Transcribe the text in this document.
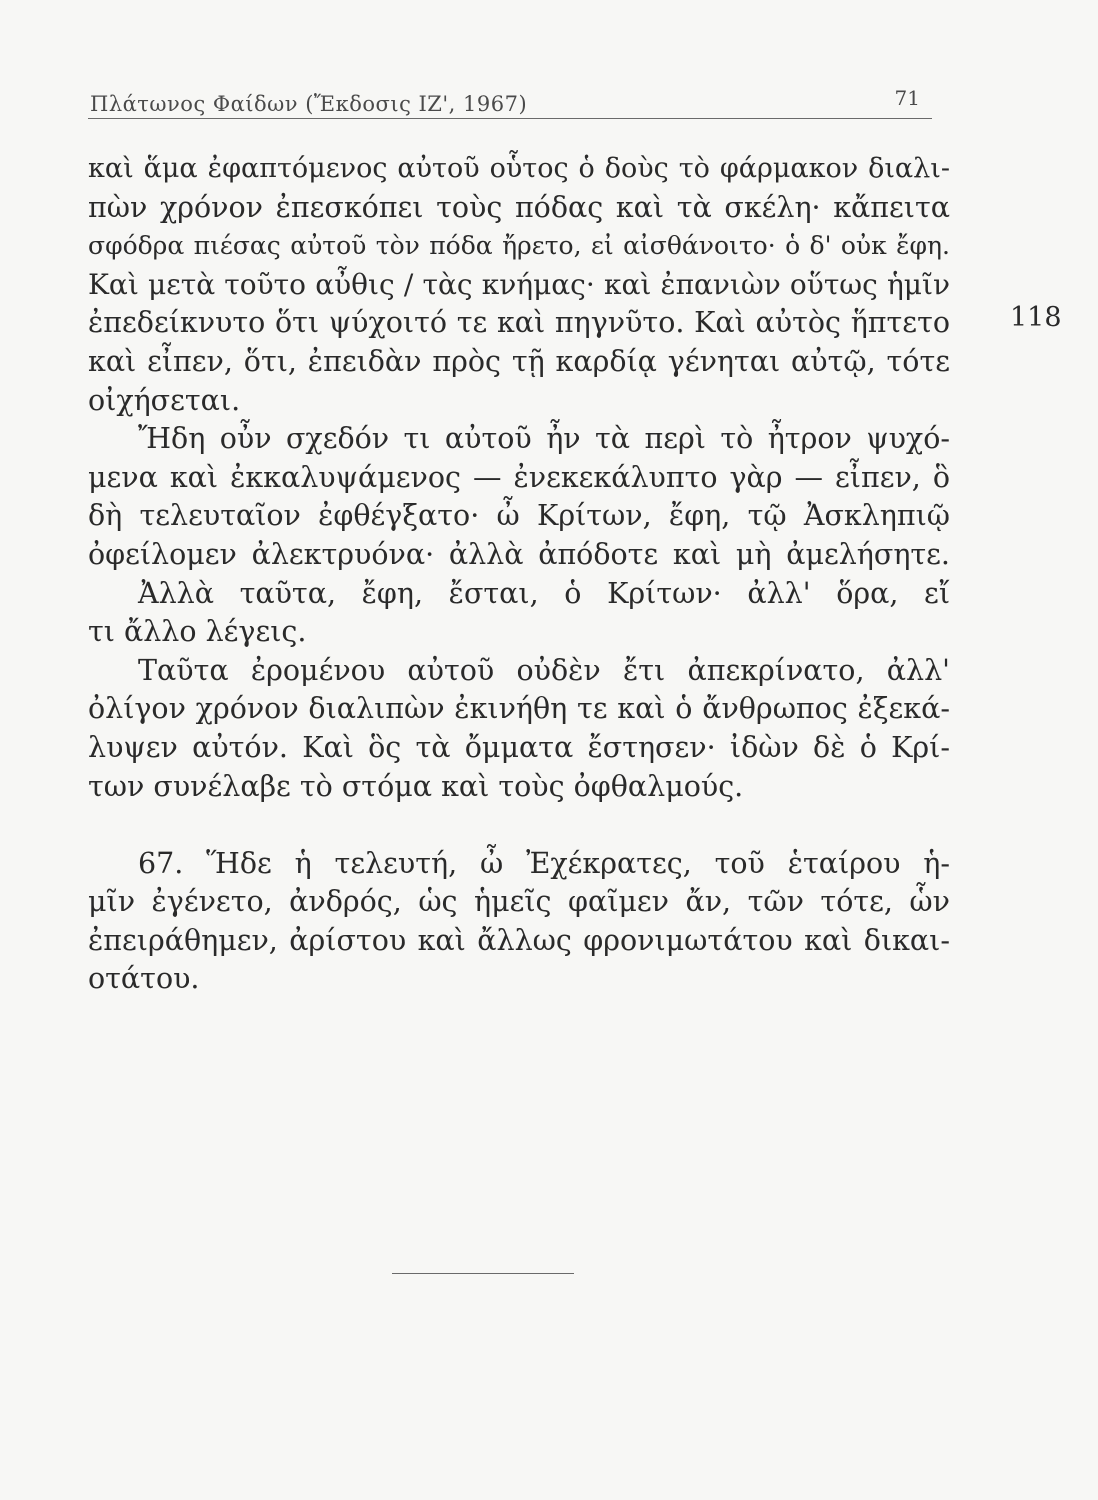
Πλάτωνος Φαίδων (Ἔκδοσις ΙΖ', 1967)	71
καὶ ἅμα ἐφαπτόμενος αὐτοῦ οὗτος ὁ δοὺς τὸ φάρμακον διαλι-
πὼν χρόνον ἐπεσκόπει τοὺς πόδας καὶ τὰ σκέλη· κἄπειτα
σφόδρα πιέσας αὐτοῦ τὸν πόδα ἤρετο, εἰ αἰσθάνοιτο· ὁ δ' οὐκ ἔφη.
Καὶ μετὰ τοῦτο αὖθις / τὰς κνήμας· καὶ ἐπανιὼν οὕτως ἡμῖν
ἐπεδείκνυτο ὅτι ψύχοιτό τε καὶ πηγνῦτο. Καὶ αὐτὸς ἥπτετο
καὶ εἶπεν, ὅτι, ἐπειδὰν πρὸς τῇ καρδίᾳ γένηται αὐτῷ, τότε
οἰχήσεται.
Ἤδη οὖν σχεδόν τι αὐτοῦ ἦν τὰ περὶ τὸ ἦτρον ψυχό-
μενα καὶ ἐκκαλυψάμενος — ἐνεκεκάλυπτο γὰρ — εἶπεν, ὃ
δὴ τελευταῖον ἐφθέγξατο· ὦ Κρίτων, ἔφη, τῷ Ἀσκληπιῷ
ὀφείλομεν ἀλεκτρυόνα· ἀλλὰ ἀπόδοτε καὶ μὴ ἀμελήσητε.
Ἀλλὰ ταῦτα, ἔφη, ἔσται, ὁ Κρίτων· ἀλλ' ὅρα, εἴ
τι ἄλλο λέγεις.
Ταῦτα ἐρομένου αὐτοῦ οὐδὲν ἔτι ἀπεκρίνατο, ἀλλ'
ὀλίγον χρόνον διαλιπὼν ἐκινήθη τε καὶ ὁ ἄνθρωπος ἐξεκά-
λυψεν αὐτόν. Καὶ ὃς τὰ ὄμματα ἔστησεν· ἰδὼν δὲ ὁ Κρί-
των συνέλαβε τὸ στόμα καὶ τοὺς ὀφθαλμούς.
67. Ἥδε ἡ τελευτή, ὦ Ἐχέκρατες, τοῦ ἑταίρου ἡ-
μῖν ἐγένετο, ἀνδρός, ὡς ἡμεῖς φαῖμεν ἄν, τῶν τότε, ὧν
ἐπειράθημεν, ἀρίστου καὶ ἄλλως φρονιμωτάτου καὶ δικαι-
οτάτου.
118
